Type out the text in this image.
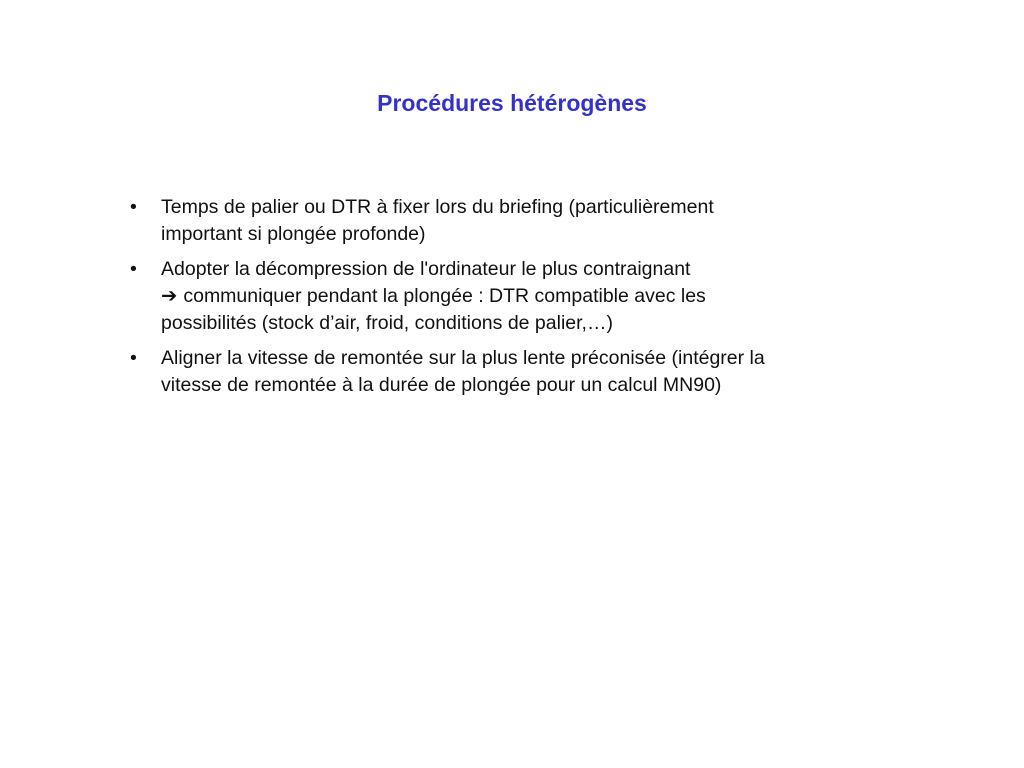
Procédures hétérogènes
•	Temps de palier ou DTR à fixer lors du briefing (particulièrement
important si plongée profonde)
•	Adopter la décompression de l'ordinateur le plus contraignant
➔ communiquer pendant la plongée : DTR compatible avec les
possibilités (stock d’air, froid, conditions de palier,…)
•	Aligner la vitesse de remontée sur la plus lente préconisée (intégrer la
vitesse de remontée à la durée de plongée pour un calcul MN90)
